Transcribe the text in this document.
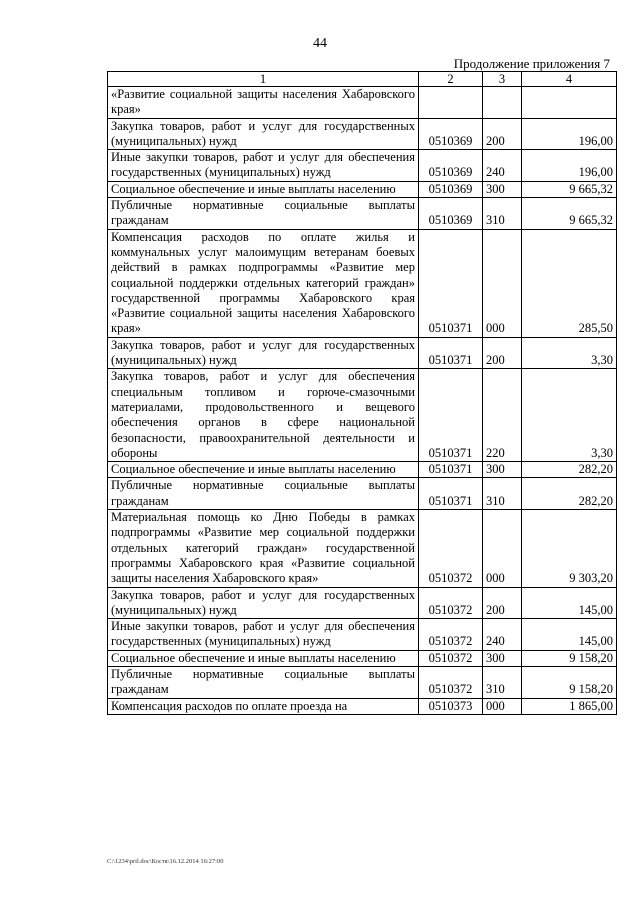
44
Продолжение приложения 7
1	2	3	4
«Развитие социальной защиты населения Хабаровского края»			
Закупка товаров, работ и услуг для государственных (муниципальных) нужд	0510369	200	196,00
Иные закупки товаров, работ и услуг для обеспечения государственных (муниципальных) нужд	0510369	240	196,00
Социальное обеспечение и иные выплаты населению	0510369	300	9 665,32
Публичные нормативные социальные выплаты гражданам	0510369	310	9 665,32
Компенсация расходов по оплате жилья и коммунальных услуг малоимущим ветеранам боевых действий в рамках подпрограммы «Развитие мер социальной поддержки отдельных категорий граждан» государственной программы Хабаровского края «Развитие социальной защиты населения Хабаровского края»	0510371	000	285,50
Закупка товаров, работ и услуг для государственных (муниципальных) нужд	0510371	200	3,30
Закупка товаров, работ и услуг для обеспечения специальным топливом и горюче-смазочными материалами, продовольственного и вещевого обеспечения органов в сфере национальной безопасности, правоохранительной деятельности и обороны	0510371	220	3,30
Социальное обеспечение и иные выплаты населению	0510371	300	282,20
Публичные нормативные социальные выплаты гражданам	0510371	310	282,20
Материальная помощь ко Дню Победы в рамках подпрограммы «Развитие мер социальной поддержки отдельных категорий граждан» государственной программы Хабаровского края «Развитие социальной защиты населения Хабаровского края»	0510372	000	9 303,20
Закупка товаров, работ и услуг для государственных (муниципальных) нужд	0510372	200	145,00
Иные закупки товаров, работ и услуг для обеспечения государственных (муниципальных) нужд	0510372	240	145,00
Социальное обеспечение и иные выплаты населению	0510372	300	9 158,20
Публичные нормативные социальные выплаты гражданам	0510372	310	9 158,20
Компенсация расходов по оплате проезда на	0510373	000	1 865,00
C:\1234\pril.doc\Костя\16.12.2014 16:27:00
